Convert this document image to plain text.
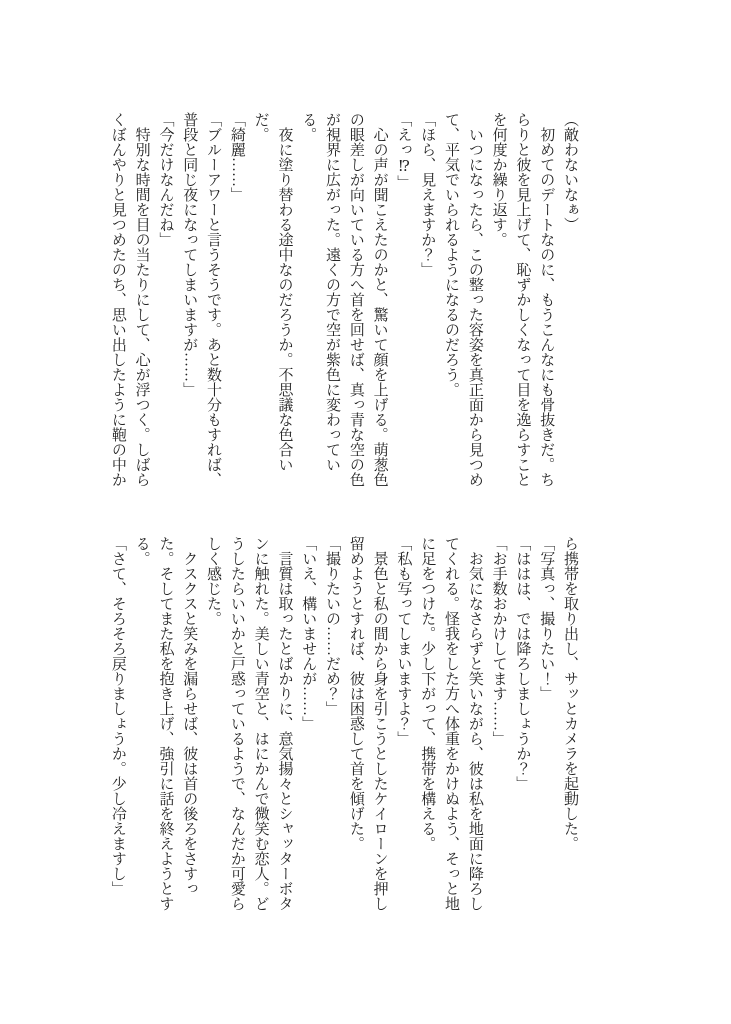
（敵わないなぁ）

　初めてのデートなのに、もうこんなにも骨抜きだ。ちらりと彼を見上げて、恥ずかしくなって目を逸らすことを何度か繰り返す。

　いつになったら、この整った容姿を真正面から見つめて、平気でいられるようになるのだろう。

「ほら、見えますか？」

「えっ⁉」

　心の声が聞こえたのかと、驚いて顔を上げる。萌葱色の眼差しが向いている方へ首を回せば、真っ青な空の色が視界に広がった。遠くの方で空が紫色に変わっている。

　夜に塗り替わる途中なのだろうか。不思議な色合いだ。

「綺麗……」

「ブルーアワーと言うそうです。あと数十分もすれば、普段と同じ夜になってしまいますが……」

「今だけなんだね」

　特別な時間を目の当たりにして、心が浮つく。しばらくぼんやりと見つめたのち、思い出したように鞄の中か

ら携帯を取り出し、サッとカメラを起動した。

「写真っ、撮りたい！」

「ははは、では降ろしましょうか？」

「お手数おかけしてます……」

　お気になさらずと笑いながら、彼は私を地面に降ろしてくれる。怪我をした方へ体重をかけぬよう、そっと地に足をつけた。少し下がって、携帯を構える。

「私も写ってしまいますよ？」

　景色と私の間から身を引こうとしたケイローンを押し留めようとすれば、彼は困惑して首を傾げた。

「撮りたいの……だめ？」

「いえ、構いませんが……」

　言質は取ったとばかりに、意気揚々とシャッターボタンに触れた。美しい青空と、はにかんで微笑む恋人。どうしたらいいかと戸惑っているようで、なんだか可愛らしく感じた。

　クスクスと笑みを漏らせば、彼は首の後ろをさすった。そしてまた私を抱き上げ、強引に話を終えようとする。

「さて、そろそろ戻りましょうか。少し冷えますし」
